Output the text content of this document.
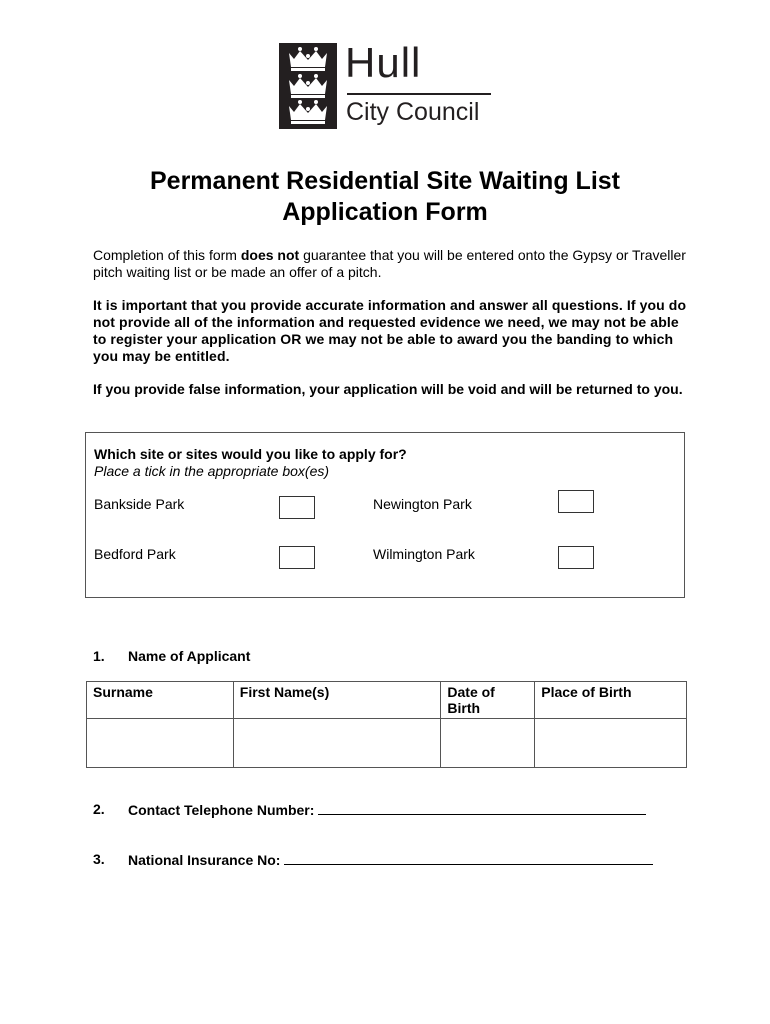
Hull
City Council
Permanent Residential Site Waiting List
Application Form

Completion of this form does not guarantee that you will be entered onto the Gypsy or Traveller pitch waiting list or be made an offer of a pitch.

It is important that you provide accurate information and answer all questions. If you do not provide all of the information and requested evidence we need, we may not be able to register your application OR we may not be able to award you the banding to which you may be entitled.

If you provide false information, your application will be void and will be returned to you.

Which site or sites would you like to apply for?
Place a tick in the appropriate box(es)
Bankside Park	Newington Park
Bedford Park	Wilmington Park
1. Name of Applicant
Surname	First Name(s)	Date of Birth	Place of Birth

2. Contact Telephone Number:
3. National Insurance No:
